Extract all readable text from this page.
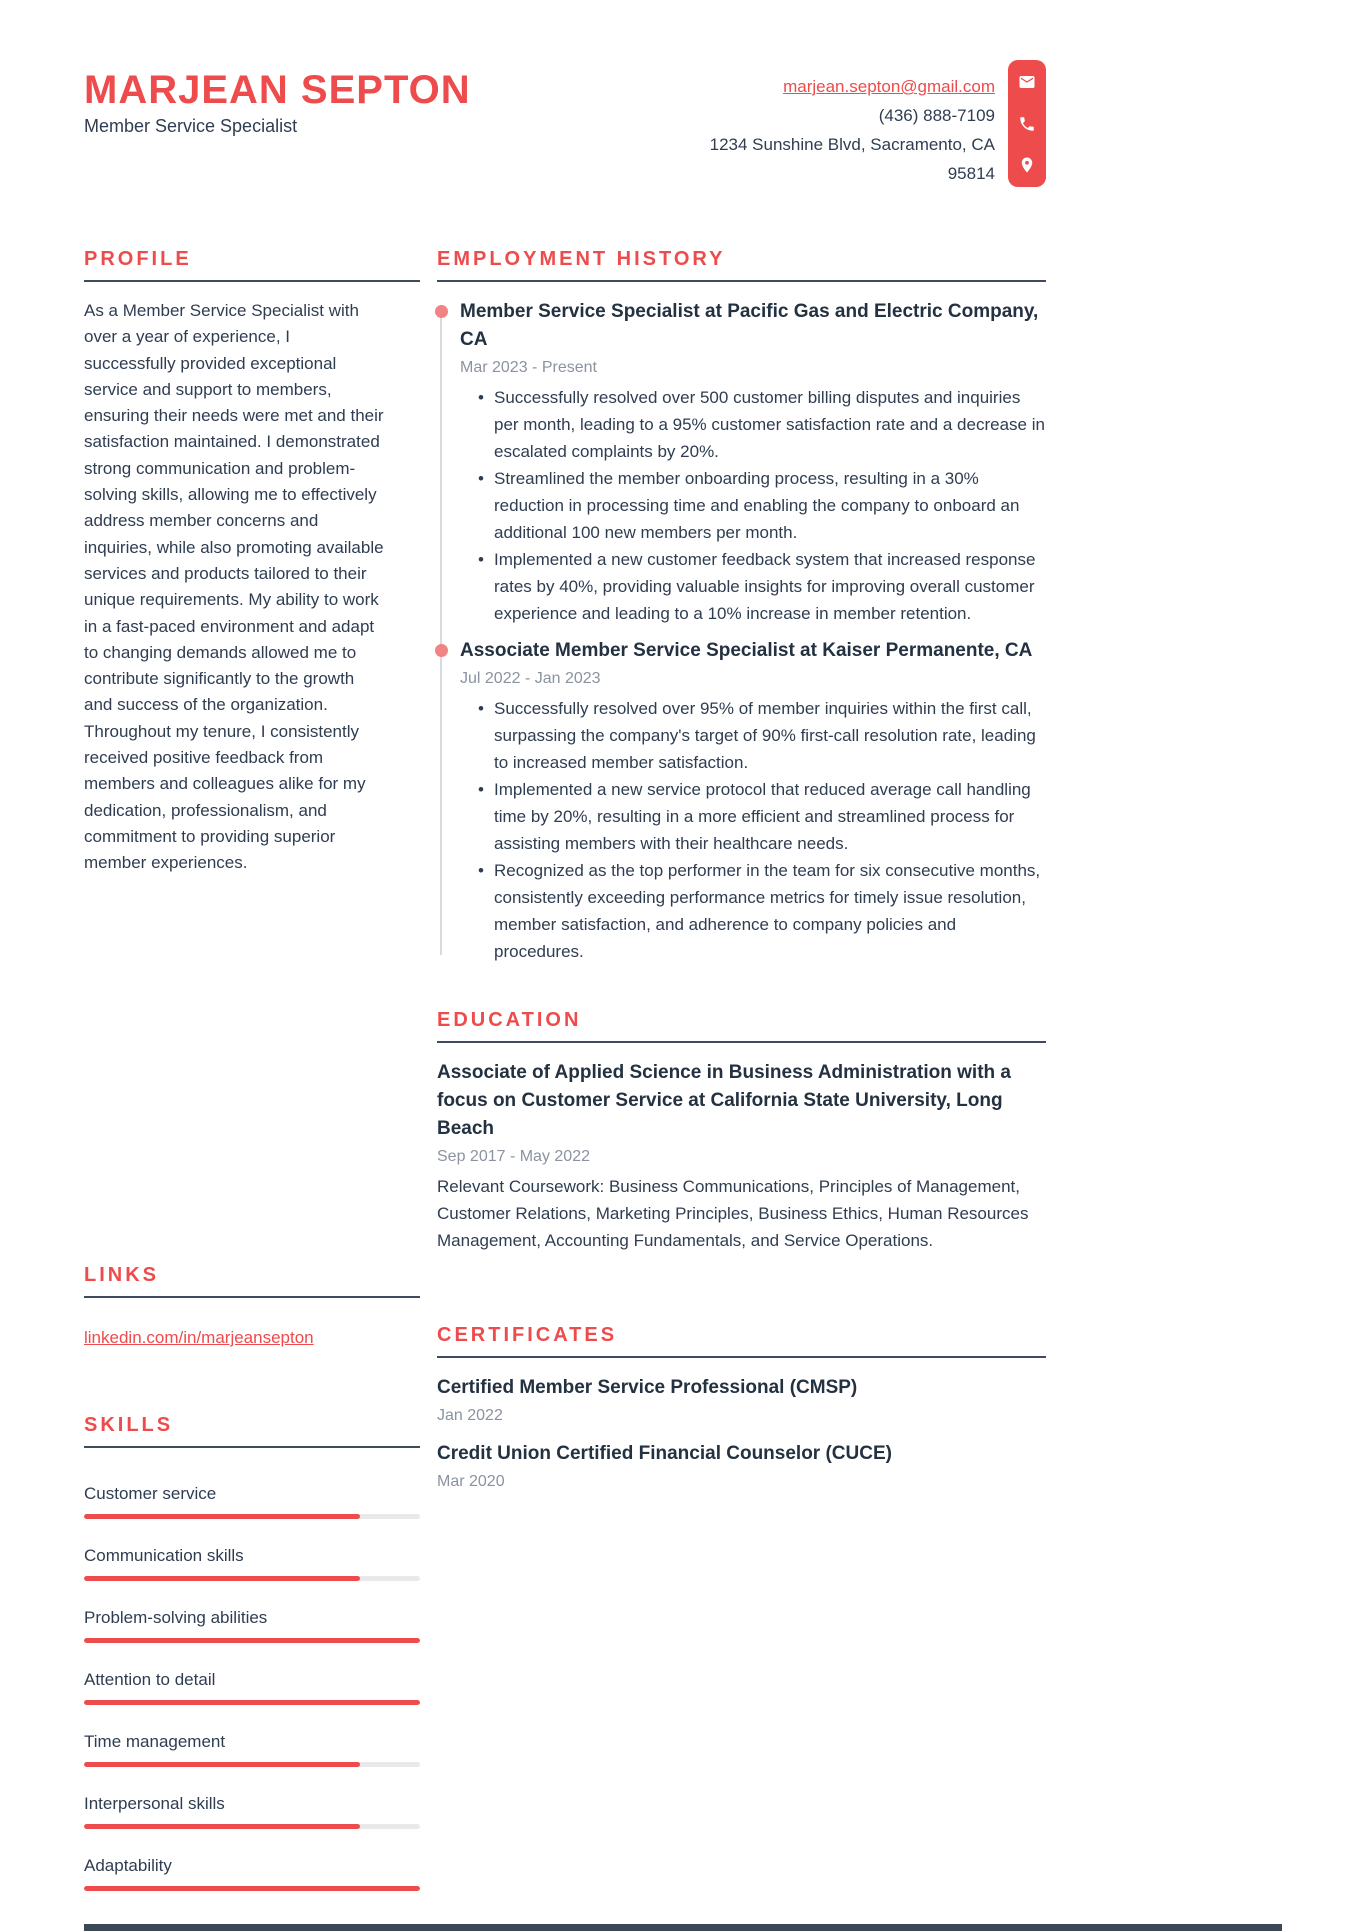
MARJEAN SEPTON
Member Service Specialist
marjean.septon@gmail.com
(436) 888-7109
1234 Sunshine Blvd, Sacramento, CA
95814
PROFILE

As a Member Service Specialist with over a year of experience, I successfully provided exceptional service and support to members, ensuring their needs were met and their satisfaction maintained. I demonstrated strong communication and problem-solving skills, allowing me to effectively address member concerns and inquiries, while also promoting available services and products tailored to their unique requirements. My ability to work in a fast-paced environment and adapt to changing demands allowed me to contribute significantly to the growth and success of the organization. Throughout my tenure, I consistently received positive feedback from members and colleagues alike for my dedication, professionalism, and commitment to providing superior member experiences.

LINKS
linkedin.com/in/marjeansepton
SKILLS
Customer service
Communication skills
Problem-solving abilities
Attention to detail
Time management
Interpersonal skills
Adaptability
EMPLOYMENT HISTORY
Member Service Specialist at Pacific Gas and Electric Company, CA
Mar 2023 - Present
• Successfully resolved over 500 customer billing disputes and inquiries per month, leading to a 95% customer satisfaction rate and a decrease in escalated complaints by 20%.
• Streamlined the member onboarding process, resulting in a 30% reduction in processing time and enabling the company to onboard an additional 100 new members per month.
• Implemented a new customer feedback system that increased response rates by 40%, providing valuable insights for improving overall customer experience and leading to a 10% increase in member retention.
Associate Member Service Specialist at Kaiser Permanente, CA
Jul 2022 - Jan 2023
• Successfully resolved over 95% of member inquiries within the first call, surpassing the company's target of 90% first-call resolution rate, leading to increased member satisfaction.
• Implemented a new service protocol that reduced average call handling time by 20%, resulting in a more efficient and streamlined process for assisting members with their healthcare needs.
• Recognized as the top performer in the team for six consecutive months, consistently exceeding performance metrics for timely issue resolution, member satisfaction, and adherence to company policies and procedures.
EDUCATION
Associate of Applied Science in Business Administration with a focus on Customer Service at California State University, Long Beach
Sep 2017 - May 2022

Relevant Coursework: Business Communications, Principles of Management, Customer Relations, Marketing Principles, Business Ethics, Human Resources Management, Accounting Fundamentals, and Service Operations.

CERTIFICATES
Certified Member Service Professional (CMSP)
Jan 2022
Credit Union Certified Financial Counselor (CUCE)
Mar 2020
